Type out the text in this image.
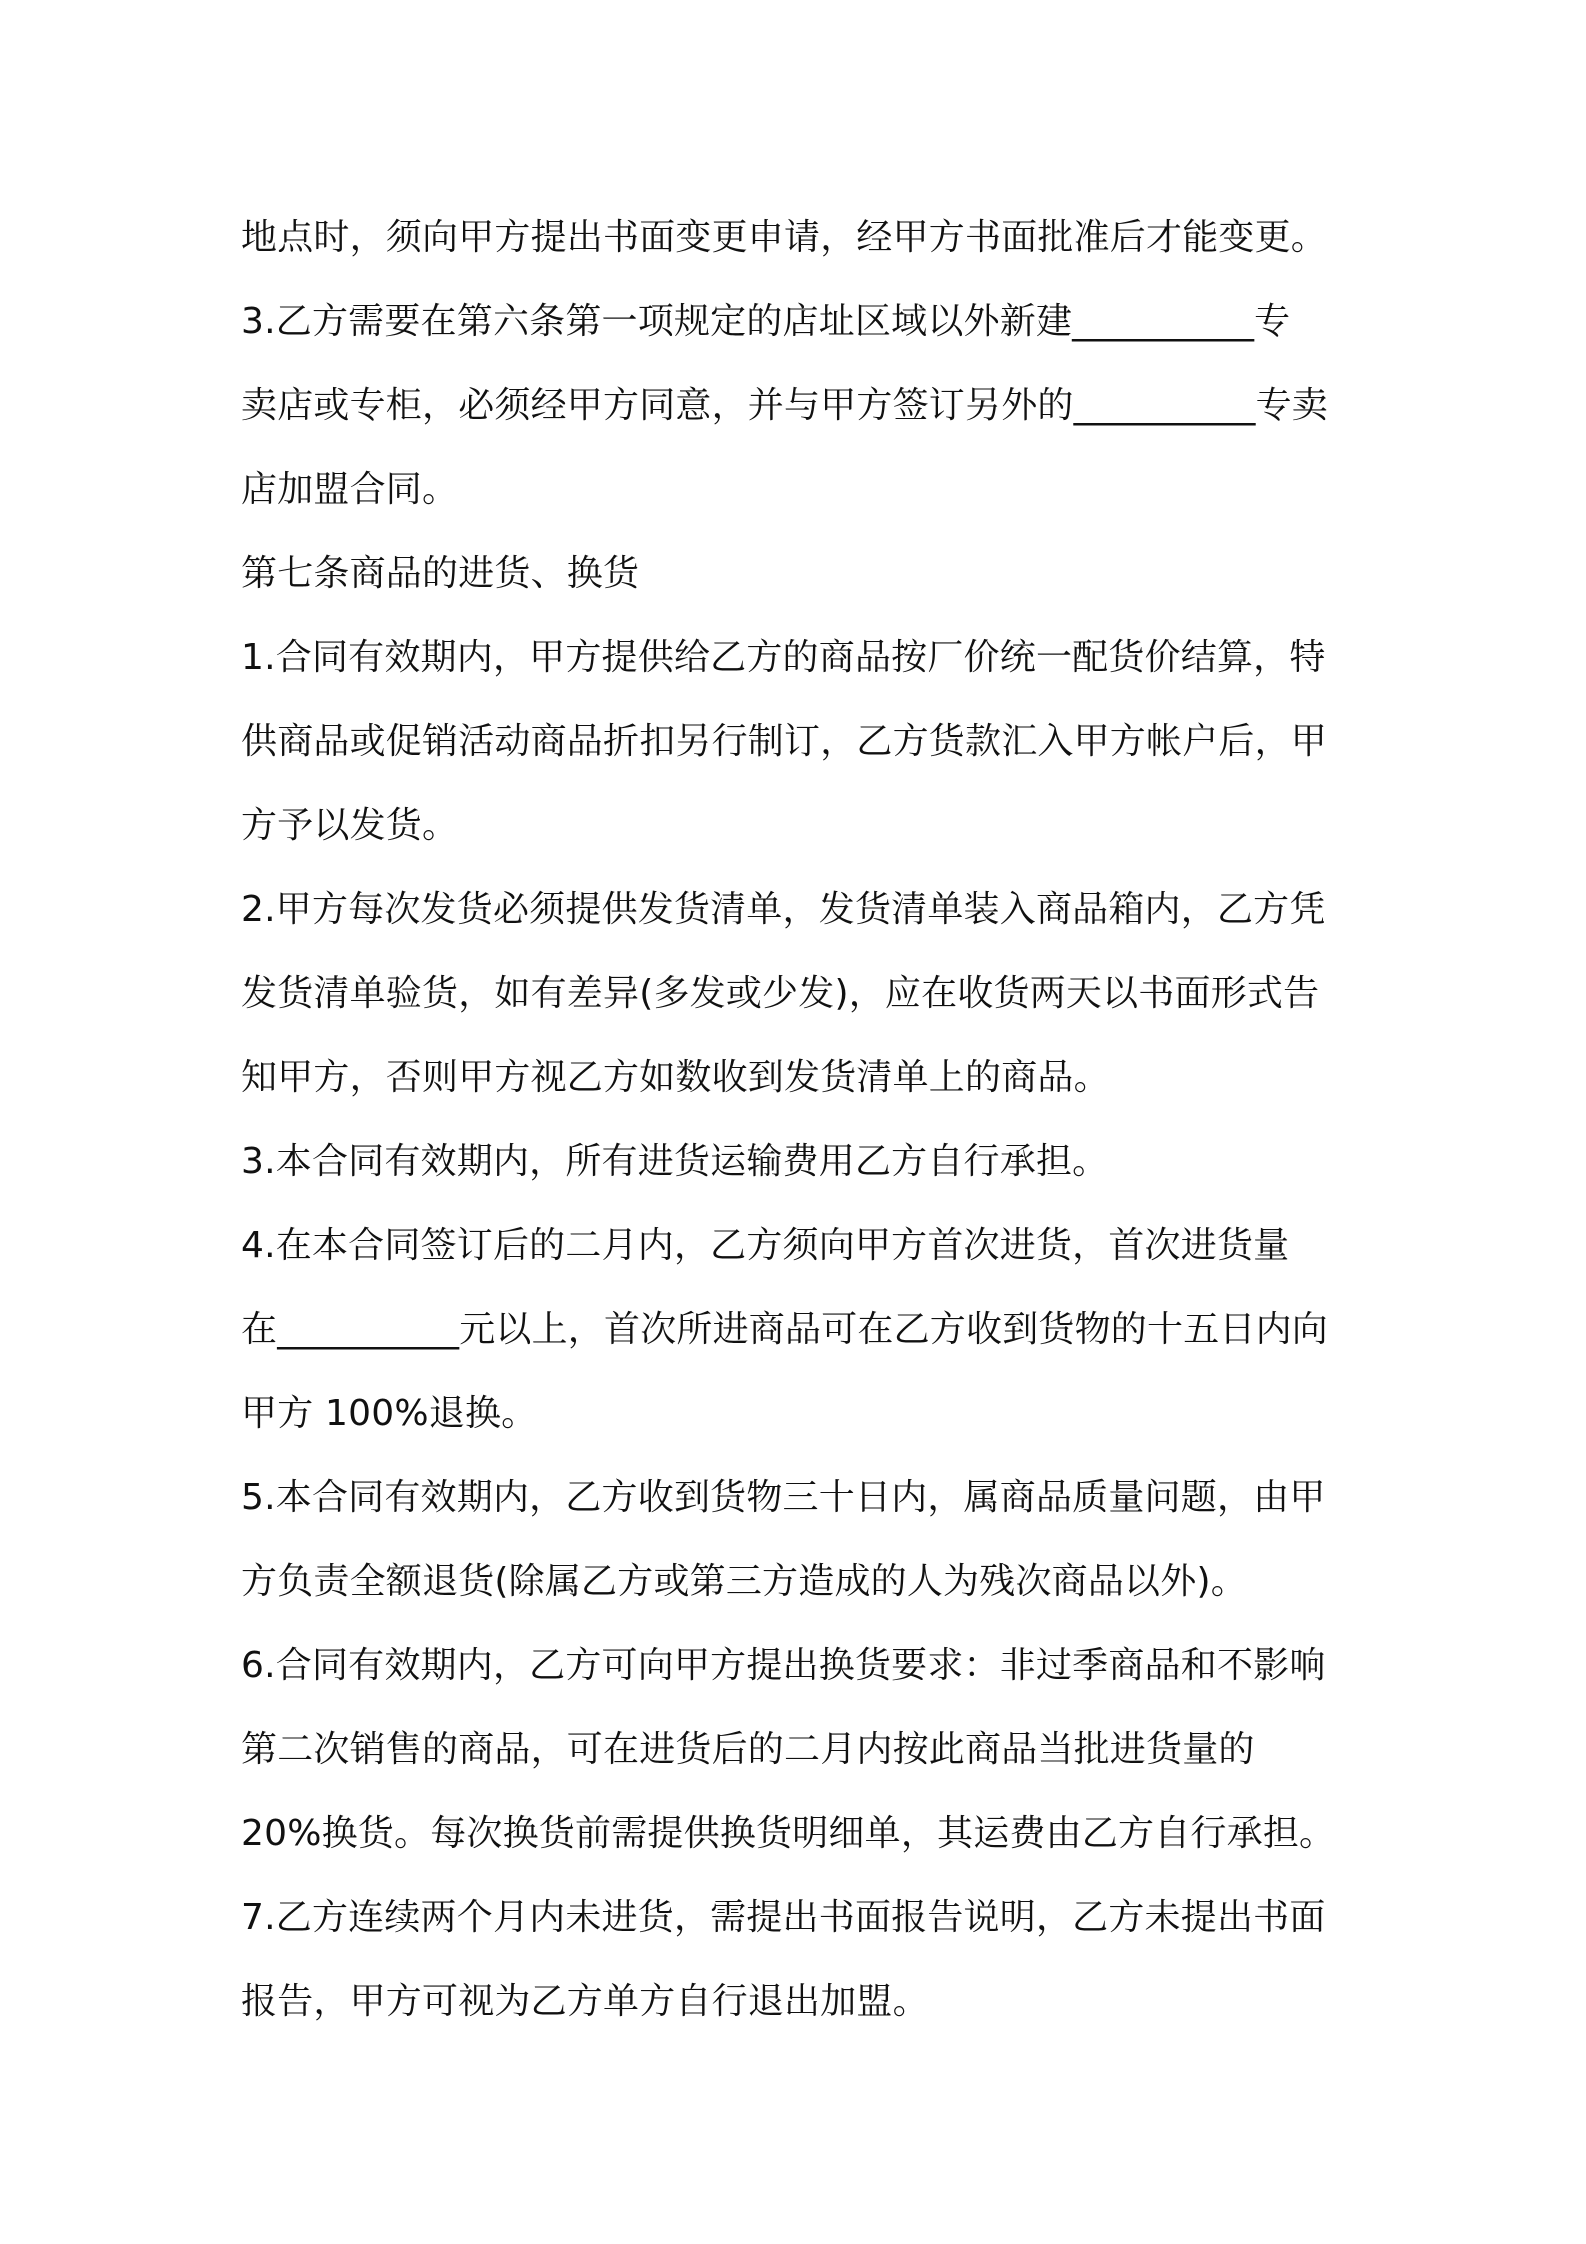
地点时，须向甲方提出书面变更申请，经甲方书面批准后才能变更。
3.乙方需要在第六条第一项规定的店址区域以外新建__________专
卖店或专柜，必须经甲方同意，并与甲方签订另外的__________专卖
店加盟合同。
第七条商品的进货、换货
1.合同有效期内，甲方提供给乙方的商品按厂价统一配货价结算，特
供商品或促销活动商品折扣另行制订，乙方货款汇入甲方帐户后，甲
方予以发货。
2.甲方每次发货必须提供发货清单，发货清单装入商品箱内，乙方凭
发货清单验货，如有差异(多发或少发)，应在收货两天以书面形式告
知甲方，否则甲方视乙方如数收到发货清单上的商品。
3.本合同有效期内，所有进货运输费用乙方自行承担。
4.在本合同签订后的二月内，乙方须向甲方首次进货，首次进货量
在__________元以上，首次所进商品可在乙方收到货物的十五日内向
甲方 100%退换。
5.本合同有效期内，乙方收到货物三十日内，属商品质量问题，由甲
方负责全额退货(除属乙方或第三方造成的人为残次商品以外)。
6.合同有效期内，乙方可向甲方提出换货要求：非过季商品和不影响
第二次销售的商品，可在进货后的二月内按此商品当批进货量的
20%换货。每次换货前需提供换货明细单，其运费由乙方自行承担。
7.乙方连续两个月内未进货，需提出书面报告说明，乙方未提出书面
报告，甲方可视为乙方单方自行退出加盟。
